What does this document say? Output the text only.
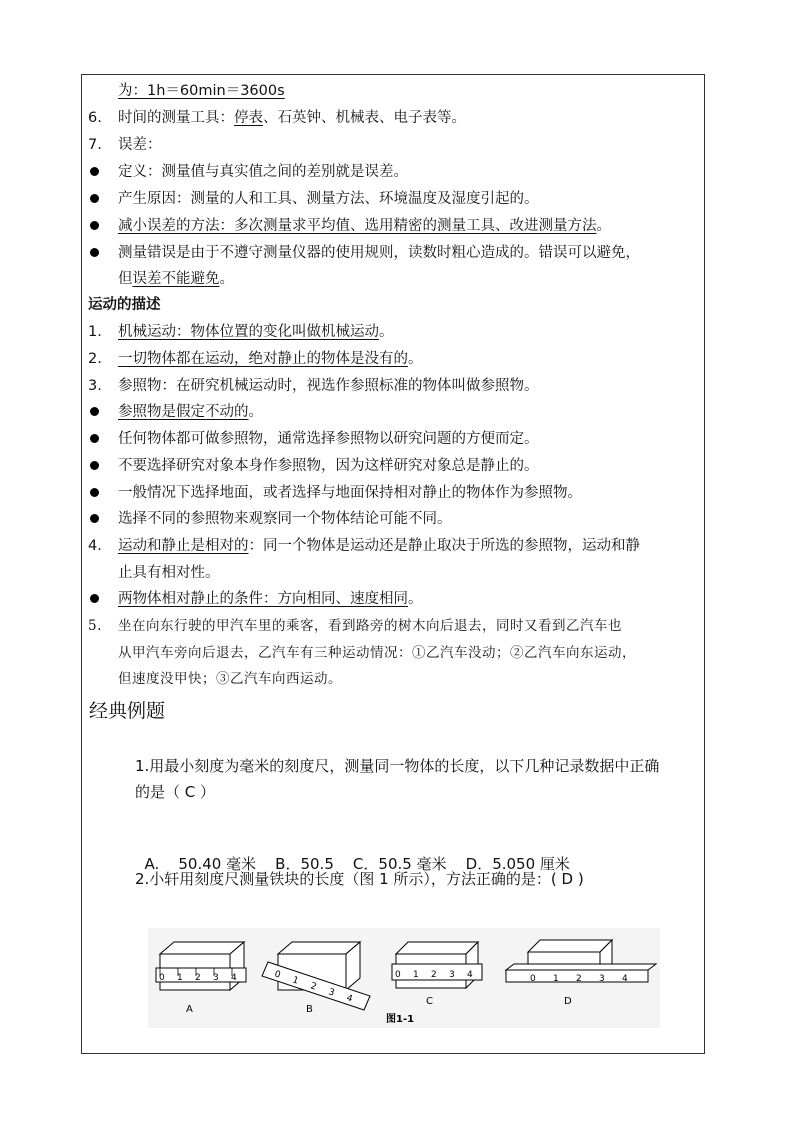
为：1h＝60min＝3600s
6.	时间的测量工具：停表、石英钟、机械表、电子表等。
7.	误差：
定义：测量值与真实值之间的差别就是误差。
产生原因：测量的人和工具、测量方法、环境温度及湿度引起的。
减小误差的方法：多次测量求平均值、选用精密的测量工具、改进测量方法。
测量错误是由于不遵守测量仪器的使用规则，读数时粗心造成的。错误可以避免，
但误差不能避免。
运动的描述
1.	机械运动：物体位置的变化叫做机械运动。
2.	一切物体都在运动，绝对静止的物体是没有的。
3.	参照物：在研究机械运动时，视选作参照标准的物体叫做参照物。
参照物是假定不动的。
任何物体都可做参照物，通常选择参照物以研究问题的方便而定。
不要选择研究对象本身作参照物，因为这样研究对象总是静止的。
一般情况下选择地面，或者选择与地面保持相对静止的物体作为参照物。
选择不同的参照物来观察同一个物体结论可能不同。
4.	运动和静止是相对的：同一个物体是运动还是静止取决于所选的参照物，运动和静
止具有相对性。
两物体相对静止的条件：方向相同、速度相同。
5.	坐在向东行驶的甲汽车里的乘客，看到路旁的树木向后退去，同时又看到乙汽车也
从甲汽车旁向后退去，乙汽车有三种运动情况：①乙汽车没动；②乙汽车向东运动，
但速度没甲快；③乙汽车向西运动。
经典例题
1.用最小刻度为毫米的刻度尺，测量同一物体的长度，以下几种记录数据中正确
的是（ C ）

A.    50.40 毫米    B．50.5    C．50.5 毫米    D．5.050 厘米

2.小轩用刻度尺测量铁块的长度（图 1 所示），方法正确的是：( D )
0 1 2 3 4
A
0
1
2
3
4
B
0 1 2 3 4
C
0 1 2 3 4
D
图1-1
